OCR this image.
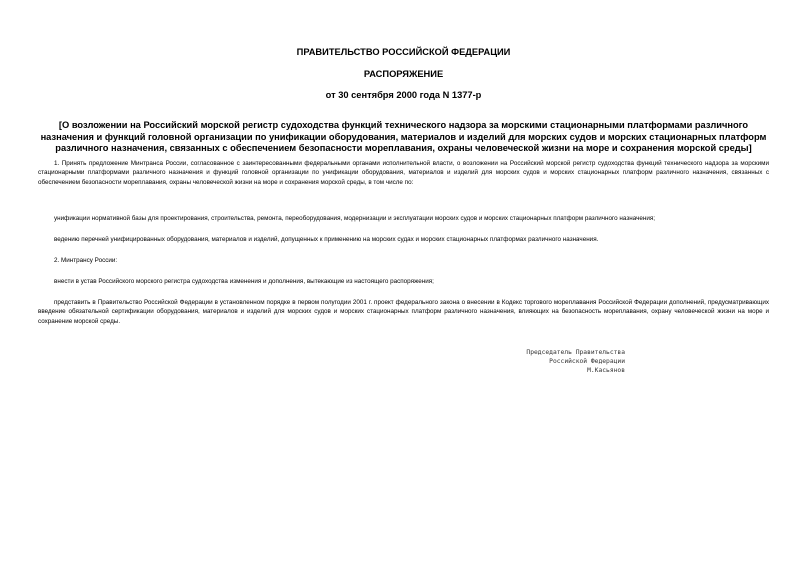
ПРАВИТЕЛЬСТВО РОССИЙСКОЙ ФЕДЕРАЦИИ
РАСПОРЯЖЕНИЕ
от 30 сентября 2000 года N 1377-р
[О возложении на Российский морской регистр судоходства функций технического надзора за морскими стационарными платформами различного назначения и функций головной организации по унификации оборудования, материалов и изделий для морских судов и морских стационарных платформ различного назначения, связанных с обеспечением безопасности мореплавания, охраны человеческой жизни на море и сохранения морской среды]

1. Принять предложение Минтранса России, согласованное с заинтересованными федеральными органами исполнительной власти, о возложении на Российский морской регистр судоходства функций технического надзора за морскими стационарными платформами различного назначения и функций головной организации по унификации оборудования, материалов и изделий для морских судов и морских стационарных платформ различного назначения, связанных с обеспечением безопасности мореплавания, охраны человеческой жизни на море и сохранения морской среды, в том числе по:

унификации нормативной базы для проектирования, строительства, ремонта, переоборудования, модернизации и эксплуатации морских судов и морских стационарных платформ различного назначения;

ведению перечней унифицированных оборудования, материалов и изделий, допущенных к применению на морских судах и морских стационарных платформах различного назначения.

2. Минтрансу России:

внести в устав Российского морского регистра судоходства изменения и дополнения, вытекающие из настоящего распоряжения;

представить в Правительство Российской Федерации в установленном порядке в первом полугодии 2001 г. проект федерального закона о внесении в Кодекс торгового мореплавания Российской Федерации дополнений, предусматривающих введение обязательной сертификации оборудования, материалов и изделий для морских судов и морских стационарных платформ различного назначения, влияющих на безопасность мореплавания, охрану человеческой жизни на море и сохранение морской среды.

Председатель Правительства
Российской Федерации
М.Касьянов
